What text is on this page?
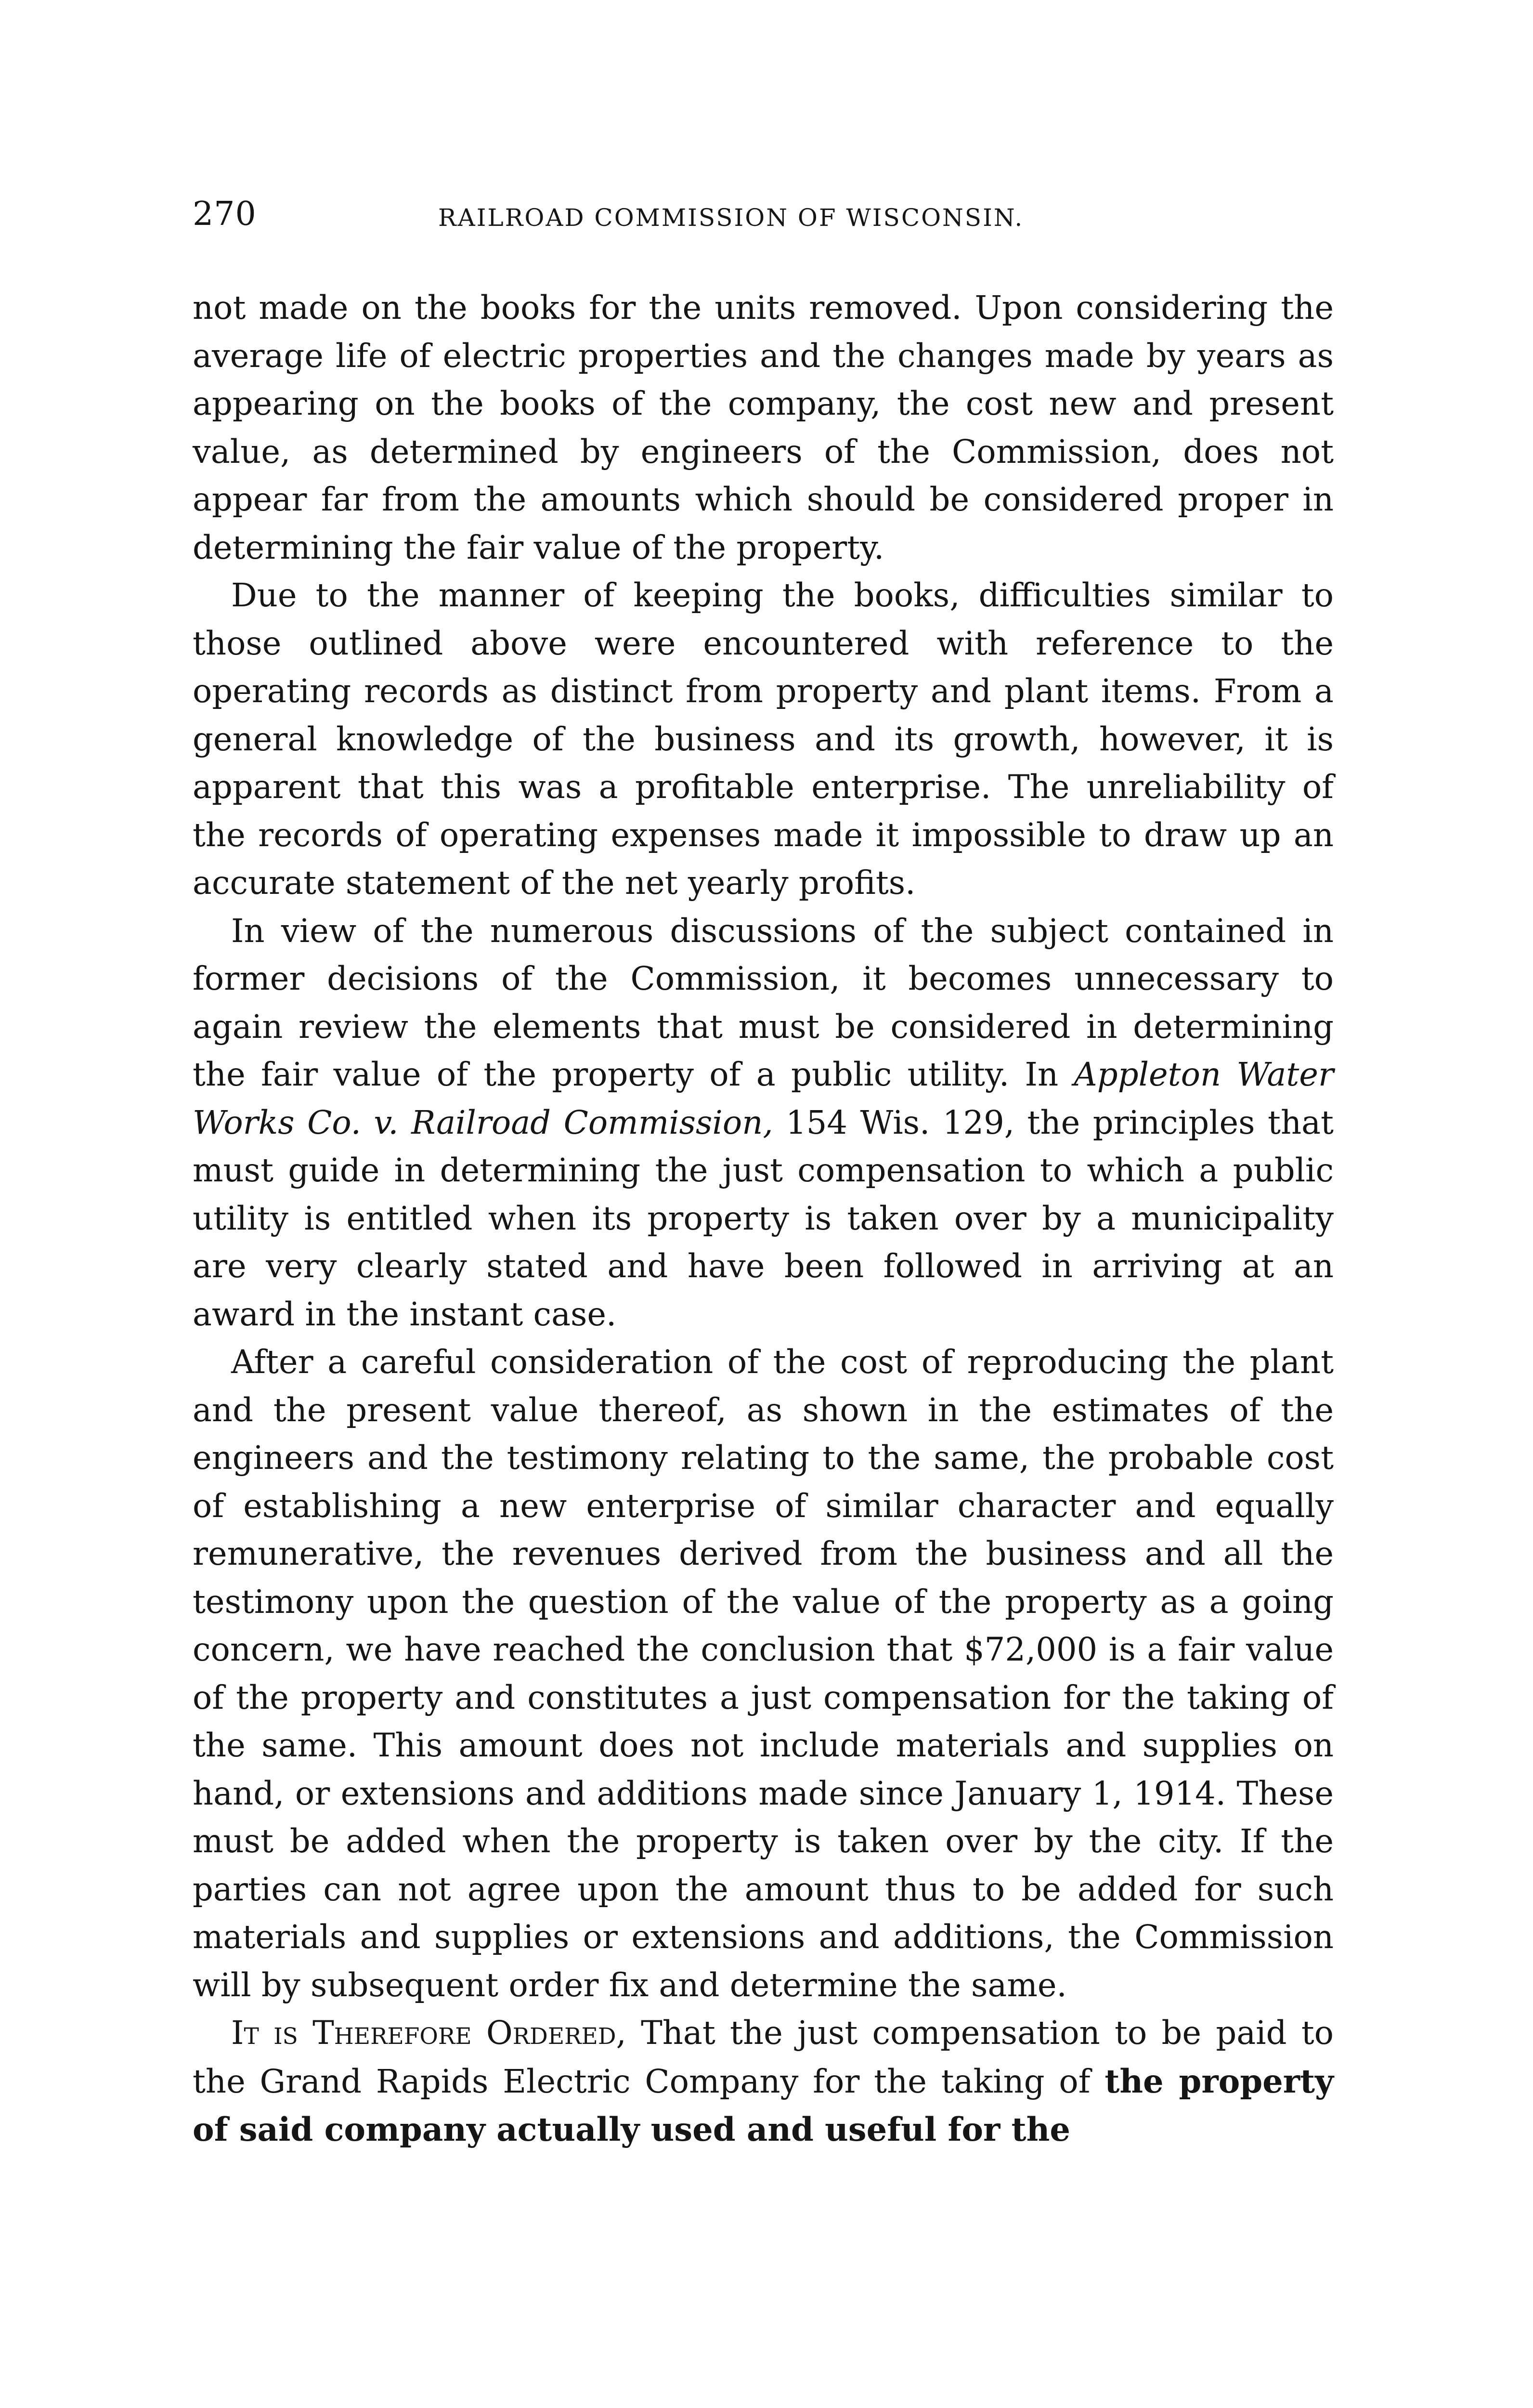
270	RAILROAD COMMISSION OF WISCONSIN.

not made on the books for the units removed. Upon considering the average life of electric properties and the changes made by years as appearing on the books of the company, the cost new and present value, as determined by engineers of the Commission, does not appear far from the amounts which should be considered proper in determining the fair value of the property.

Due to the manner of keeping the books, difficulties similar to those outlined above were encountered with reference to the operating records as distinct from property and plant items. From a general knowledge of the business and its growth, however, it is apparent that this was a profitable enterprise. The unreliability of the records of operating expenses made it impossible to draw up an accurate statement of the net yearly profits.

In view of the numerous discussions of the subject contained in former decisions of the Commission, it becomes unnecessary to again review the elements that must be considered in determining the fair value of the property of a public utility. In Appleton Water Works Co. v. Railroad Commission, 154 Wis. 129, the principles that must guide in determining the just compensation to which a public utility is entitled when its property is taken over by a municipality are very clearly stated and have been followed in arriving at an award in the instant case.

After a careful consideration of the cost of reproducing the plant and the present value thereof, as shown in the estimates of the engineers and the testimony relating to the same, the probable cost of establishing a new enterprise of similar character and equally remunerative, the revenues derived from the business and all the testimony upon the question of the value of the property as a going concern, we have reached the conclusion that $72,000 is a fair value of the property and constitutes a just compensation for the taking of the same. This amount does not include materials and supplies on hand, or extensions and additions made since January 1, 1914. These must be added when the property is taken over by the city. If the parties can not agree upon the amount thus to be added for such materials and supplies or extensions and additions, the Commission will by subsequent order fix and determine the same.

It is Therefore Ordered, That the just compensation to be paid to the Grand Rapids Electric Company for the taking of the property of said company actually used and useful for the
